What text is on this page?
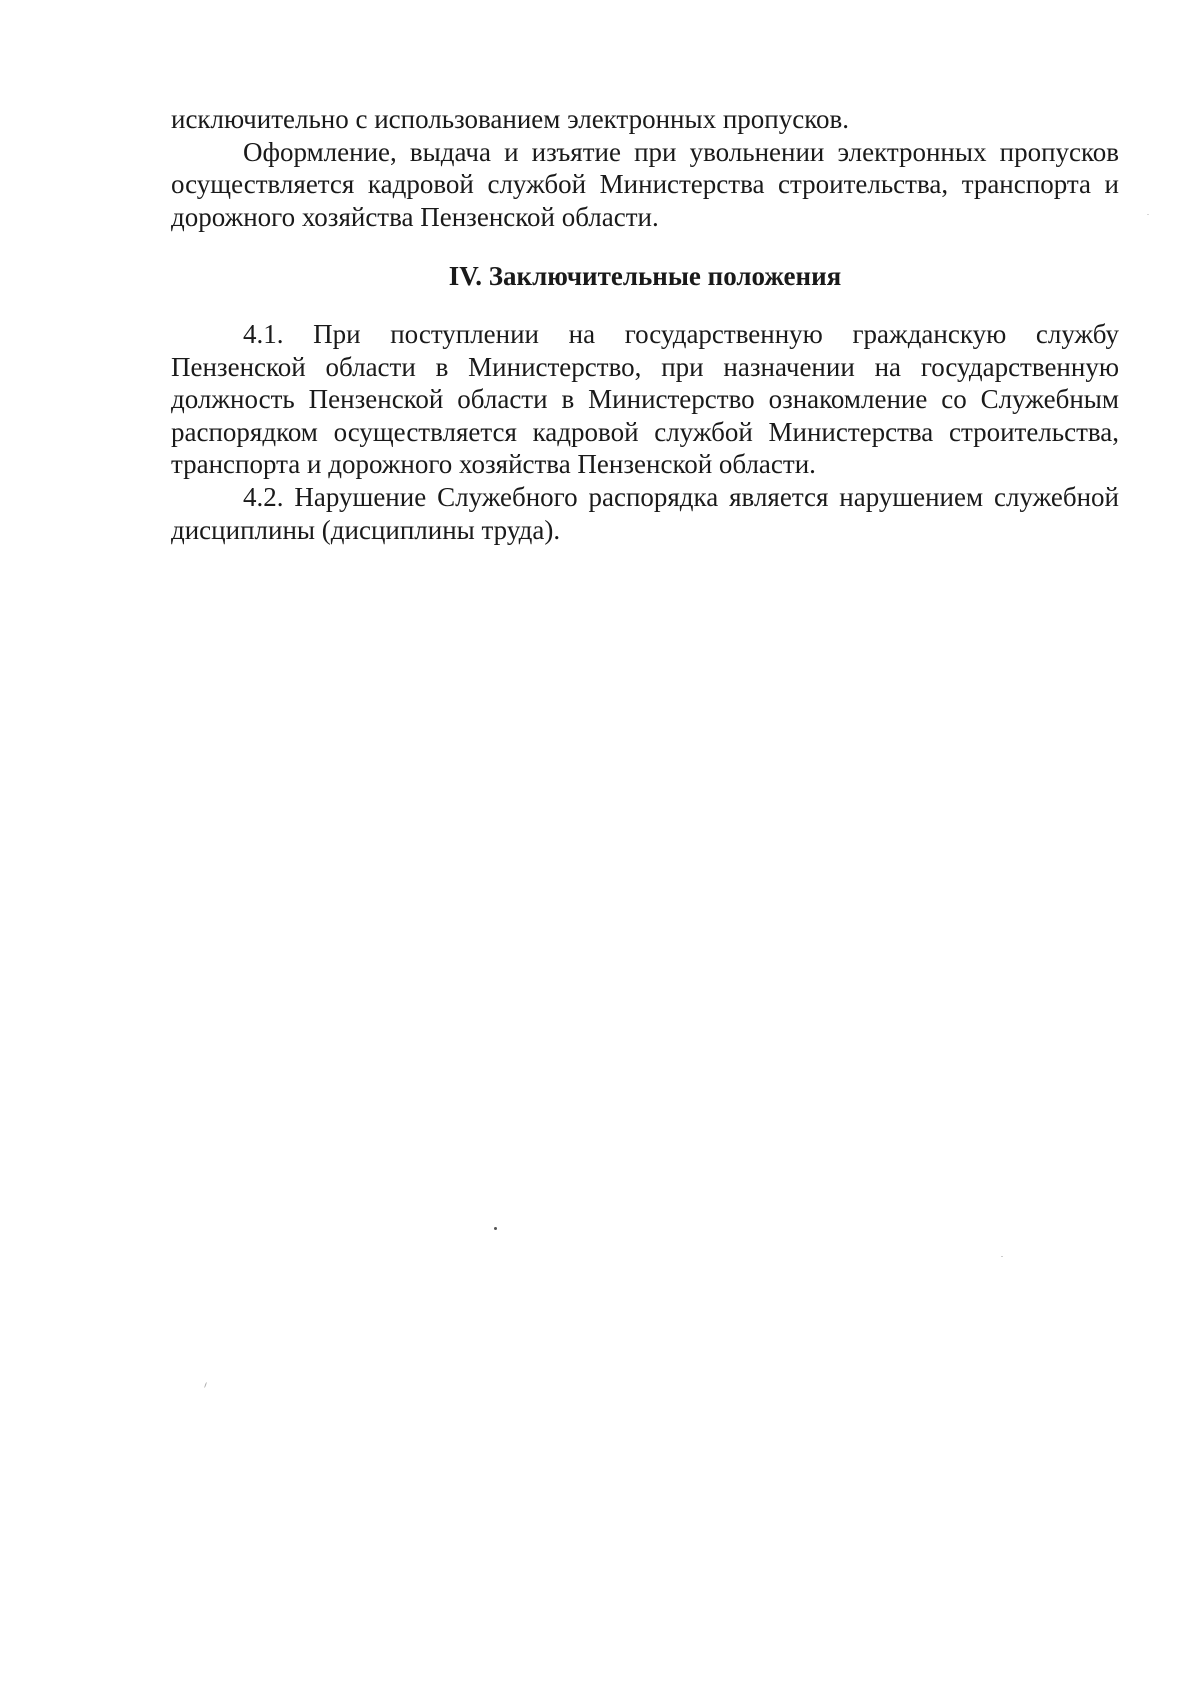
исключительно с использованием электронных пропусков.

Оформление, выдача и изъятие при увольнении электронных пропусков осуществляется кадровой службой Министерства строительства, транспорта и дорожного хозяйства Пензенской области.

IV. Заключительные положения

4.1. При поступлении на государственную гражданскую службу Пензенской области в Министерство, при назначении на государственную должность Пензенской области в Министерство ознакомление со Служебным распорядком осуществляется кадровой службой Министерства строительства, транспорта и дорожного хозяйства Пензенской области.

4.2. Нарушение Служебного распорядка является нарушением служебной дисциплины (дисциплины труда).
